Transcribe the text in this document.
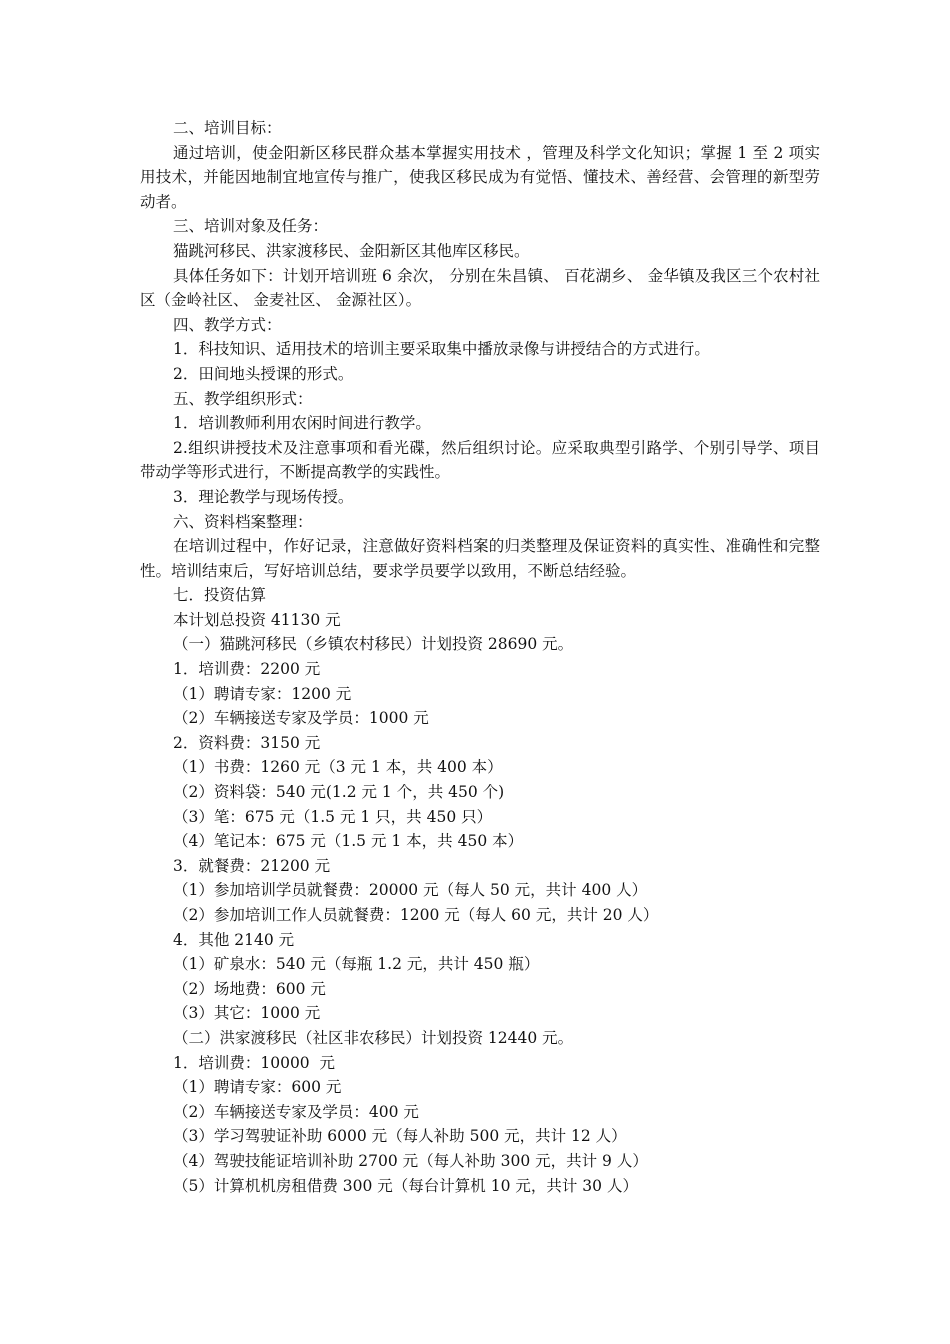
二、培训目标：
通过培训，使金阳新区移民群众基本掌握实用技术 ，管理及科学文化知识；掌握 1 至 2 项实用技术，并能因地制宜地宣传与推广，使我区移民成为有觉悟、懂技术、善经营、会管理的新型劳动者。
三、培训对象及任务：
猫跳河移民、洪家渡移民、金阳新区其他库区移民。
具体任务如下：计划开培训班 6 余次， 分别在朱昌镇、 百花湖乡、 金华镇及我区三个农村社区（金岭社区、 金麦社区、 金源社区）。
四、教学方式：
1．科技知识、适用技术的培训主要采取集中播放录像与讲授结合的方式进行。
2．田间地头授课的形式。
五、教学组织形式：
1．培训教师利用农闲时间进行教学。
2.组织讲授技术及注意事项和看光碟，然后组织讨论。应采取典型引路学、个别引导学、项目带动学等形式进行，不断提高教学的实践性。
3．理论教学与现场传授。
六、资料档案整理：
在培训过程中，作好记录，注意做好资料档案的归类整理及保证资料的真实性、准确性和完整性。培训结束后，写好培训总结，要求学员要学以致用，不断总结经验。
七．投资估算
本计划总投资 41130 元
（一）猫跳河移民（乡镇农村移民）计划投资 28690 元。
1．培训费：2200 元
（1）聘请专家：1200 元
（2）车辆接送专家及学员：1000 元
2．资料费：3150 元
（1）书费：1260 元（3 元 1 本，共 400 本）
（2）资料袋：540 元(1.2 元 1 个，共 450 个)
（3）笔：675 元（1.5 元 1 只，共 450 只）
（4）笔记本：675 元（1.5 元 1 本，共 450 本）
3．就餐费：21200 元
（1）参加培训学员就餐费：20000 元（每人 50 元，共计 400 人）
（2）参加培训工作人员就餐费：1200 元（每人 60 元，共计 20 人）
4．其他 2140 元
（1）矿泉水：540 元（每瓶 1.2 元，共计 450 瓶）
（2）场地费：600 元
（3）其它：1000 元
（二）洪家渡移民（社区非农移民）计划投资 12440 元。
1．培训费：10000  元
（1）聘请专家：600 元
（2）车辆接送专家及学员：400 元
（3）学习驾驶证补助 6000 元（每人补助 500 元，共计 12 人）
（4）驾驶技能证培训补助 2700 元（每人补助 300 元，共计 9 人）
（5）计算机机房租借费 300 元（每台计算机 10 元，共计 30 人）
